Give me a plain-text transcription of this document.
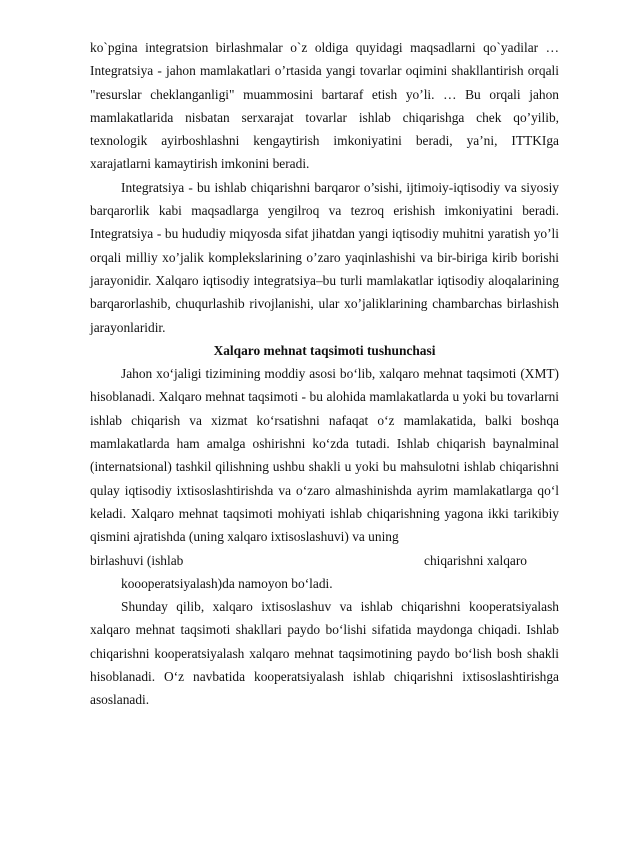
ko`pgina integratsion birlashmalar o`z oldiga quyidagi maqsadlarni qo`yadilar … Integratsiya - jahon mamlakatlari o’rtasida yangi tovarlar oqimini shakllantirish orqali "resurslar cheklanganligi" muammosini bartaraf etish yo’li. … Bu orqali jahon mamlakatlarida nisbatan serxarajat tovarlar ishlab chiqarishga chek qo’yilib, texnologik ayirboshlashni kengaytirish imkoniyatini beradi, ya’ni, ITTKIga xarajatlarni kamaytirish imkonini beradi.

Integratsiya - bu ishlab chiqarishni barqaror o’sishi, ijtimoiy-iqtisodiy va siyosiy barqarorlik kabi maqsadlarga yengilroq va tezroq erishish imkoniyatini beradi. Integratsiya - bu hududiy miqyosda sifat jihatdan yangi iqtisodiy muhitni yaratish yo’li orqali milliy xo’jalik komplekslarining o’zaro yaqinlashishi va bir-biriga kirib borishi jarayonidir. Xalqaro iqtisodiy integratsiya–bu turli mamlakatlar iqtisodiy aloqalarining barqarorlashib, chuqurlashib rivojlanishi, ular xo’jaliklarining chambarchas birlashish jarayonlaridir.

Xalqaro mehnat taqsimoti tushunchasi

Jahon xo‘jaligi tizimining moddiy asosi bo‘lib, xalqaro mehnat taqsimoti (XMT) hisoblanadi. Xalqaro mehnat taqsimoti - bu alohida mamlakatlarda u yoki bu tovarlarni ishlab chiqarish va xizmat ko‘rsatishni nafaqat o‘z mamlakatida, balki boshqa mamlakatlarda ham amalga oshirishni ko‘zda tutadi. Ishlab chiqarish baynalminal (internatsional) tashkil qilishning ushbu shakli u yoki bu mahsulotni ishlab chiqarishni qulay iqtisodiy ixtisoslashtirishda va o‘zaro almashinishda ayrim mamlakatlarga qo‘l keladi. Xalqaro mehnat taqsimoti mohiyati ishlab chiqarishning yagona ikki tarikibiy qismini ajratishda (uning xalqaro ixtisoslashuvi) va uning

birlashuvi (ishlab	chiqarishni xalqaro

koooperatsiyalash)da namoyon bo‘ladi.

Shunday qilib, xalqaro ixtisoslashuv va ishlab chiqarishni kooperatsiyalash xalqaro mehnat taqsimoti shakllari paydo bo‘lishi sifatida maydonga chiqadi. Ishlab chiqarishni kooperatsiyalash xalqaro mehnat taqsimotining paydo bo‘lish bosh shakli hisoblanadi. O‘z navbatida kooperatsiyalash ishlab chiqarishni ixtisoslashtirishga asoslanadi.
